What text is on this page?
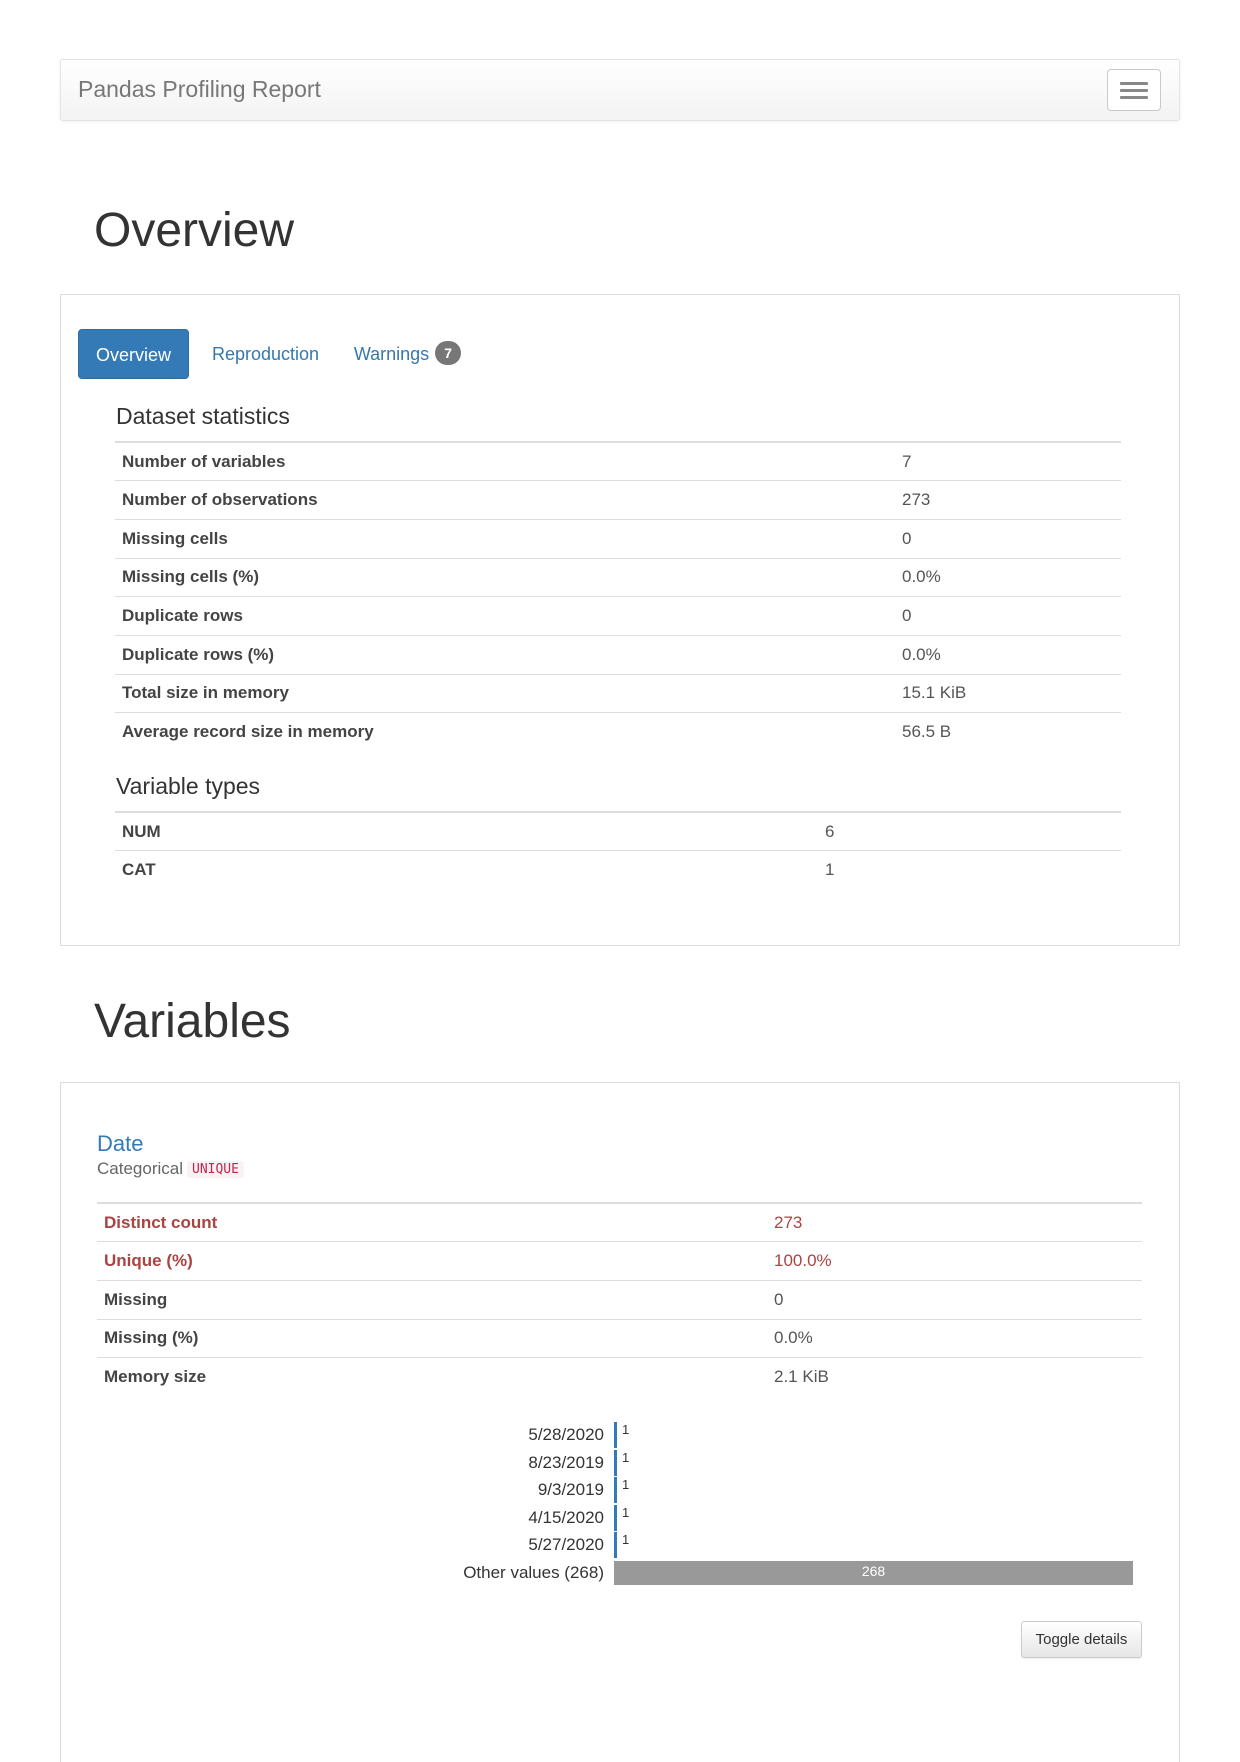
Pandas Profiling Report
Overview
Overview	Reproduction	Warnings 7
Dataset statistics
Number of variables	7
Number of observations	273
Missing cells	0
Missing cells (%)	0.0%
Duplicate rows	0
Duplicate rows (%)	0.0%
Total size in memory	15.1 KiB
Average record size in memory	56.5 B
Variable types
NUM	6
CAT	1
Variables
Date
Categorical UNIQUE
Distinct count	273
Unique (%)	100.0%
Missing	0
Missing (%)	0.0%
Memory size	2.1 KiB
5/28/2020 1
8/23/2019 1
9/3/2019 1
4/15/2020 1
5/27/2020 1
Other values (268)	268
Toggle details
